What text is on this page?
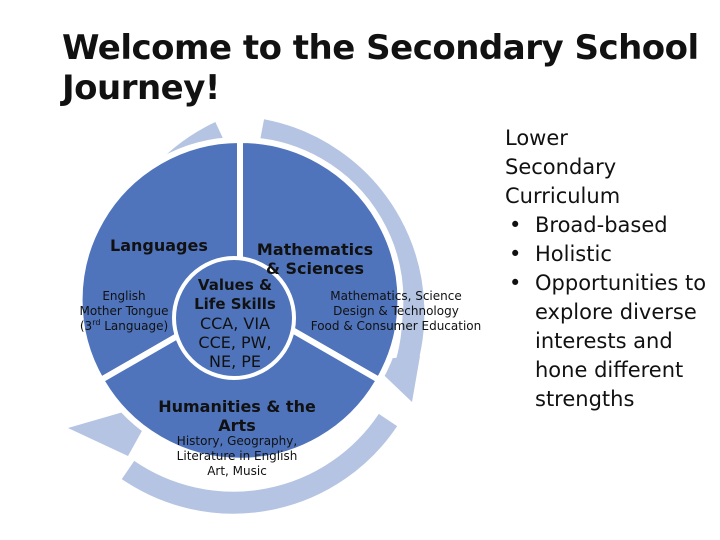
Welcome to the Secondary School Journey!
Languages
English
Mother Tongue
(3rd Language)
Mathematics
& Sciences
Mathematics, Science
Design & Technology
Food & Consumer Education
Humanities & the
Arts
History, Geography,
Literature in English
Art, Music
Values &
Life Skills
CCA, VIA
CCE, PW,
NE, PE
Lower
Secondary
Curriculum
• Broad-based
• Holistic
• Opportunities to explore diverse interests and hone different strengths
